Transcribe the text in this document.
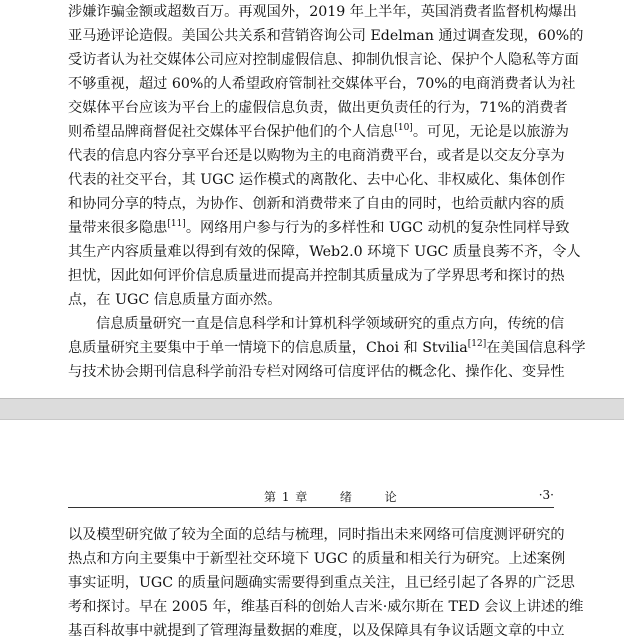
涉嫌诈骗金额或超数百万。再观国外，2019 年上半年，英国消费者监督机构爆出
亚马逊评论造假。美国公共关系和营销咨询公司 Edelman 通过调查发现，60%的
受访者认为社交媒体公司应对控制虚假信息、抑制仇恨言论、保护个人隐私等方面
不够重视，超过 60%的人希望政府管制社交媒体平台，70%的电商消费者认为社
交媒体平台应该为平台上的虚假信息负责，做出更负责任的行为，71%的消费者
则希望品牌商督促社交媒体平台保护他们的个人信息[10]。可见，无论是以旅游为
代表的信息内容分享平台还是以购物为主的电商消费平台，或者是以交友分享为
代表的社交平台，其 UGC 运作模式的离散化、去中心化、非权威化、集体创作
和协同分享的特点，为协作、创新和消费带来了自由的同时，也给贡献内容的质
量带来很多隐患[11]。网络用户参与行为的多样性和 UGC 动机的复杂性同样导致
其生产内容质量难以得到有效的保障，Web2.0 环境下 UGC 质量良莠不齐，令人
担忧，因此如何评价信息质量进而提高并控制其质量成为了学界思考和探讨的热
点，在 UGC 信息质量方面亦然。
信息质量研究一直是信息科学和计算机科学领域研究的重点方向，传统的信
息质量研究主要集中于单一情境下的信息质量，Choi 和 Stvilia[12]在美国信息科学
与技术协会期刊信息科学前沿专栏对网络可信度评估的概念化、操作化、变异性
第 1 章	绪	论	·3·
以及模型研究做了较为全面的总结与梳理，同时指出未来网络可信度测评研究的
热点和方向主要集中于新型社交环境下 UGC 的质量和相关行为研究。上述案例
事实证明，UGC 的质量问题确实需要得到重点关注，且已经引起了各界的广泛思
考和探讨。早在 2005 年，维基百科的创始人吉米·威尔斯在 TED 会议上讲述的维
基百科故事中就提到了管理海量数据的难度，以及保障具有争议话题文章的中立
